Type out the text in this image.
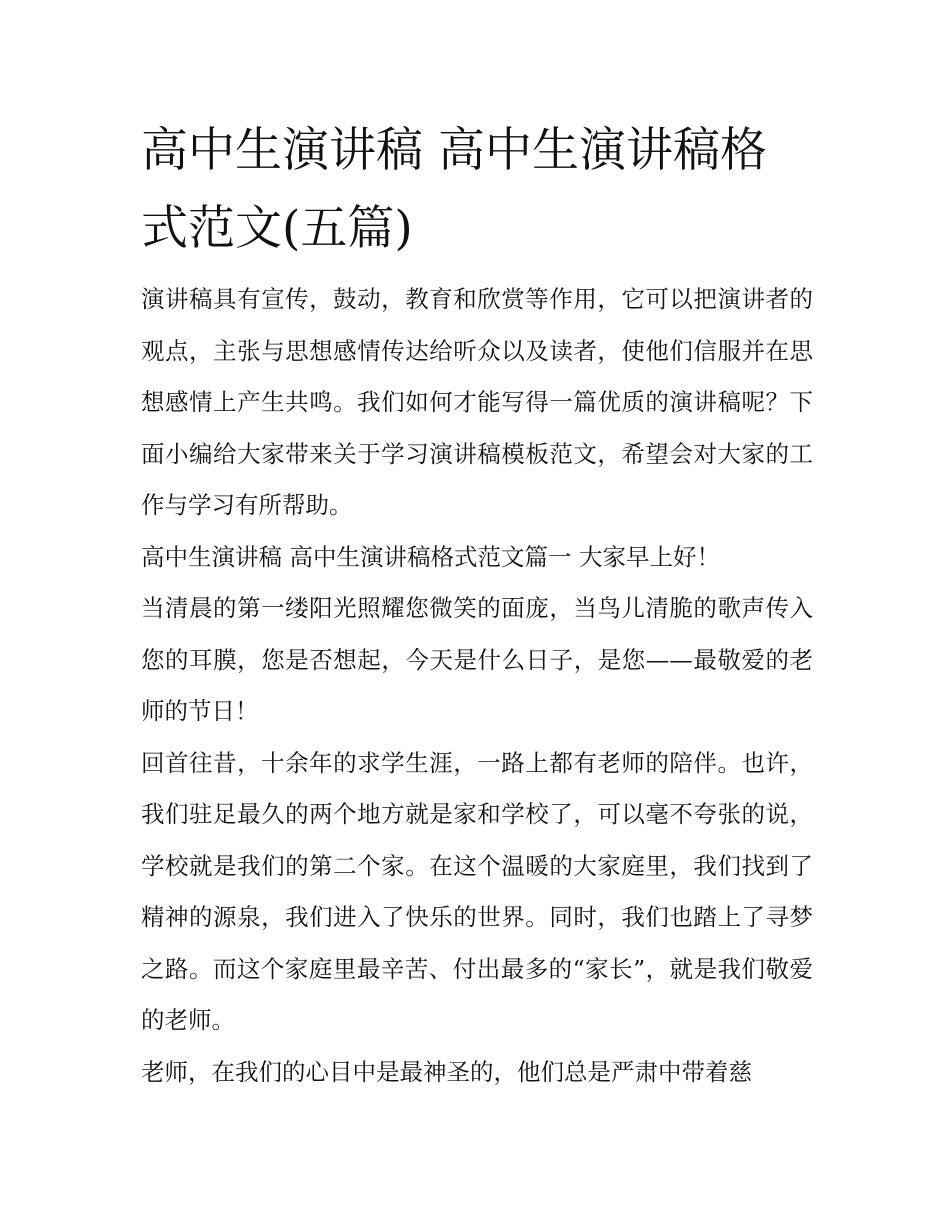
高中生演讲稿 高中生演讲稿格式范文(五篇)

演讲稿具有宣传，鼓动，教育和欣赏等作用，它可以把演讲者的观点，主张与思想感情传达给听众以及读者，使他们信服并在思想感情上产生共鸣。我们如何才能写得一篇优质的演讲稿呢？下面小编给大家带来关于学习演讲稿模板范文，希望会对大家的工作与学习有所帮助。

高中生演讲稿 高中生演讲稿格式范文篇一 大家早上好！

当清晨的第一缕阳光照耀您微笑的面庞，当鸟儿清脆的歌声传入您的耳膜，您是否想起，今天是什么日子，是您——最敬爱的老师的节日！

回首往昔，十余年的求学生涯，一路上都有老师的陪伴。也许，我们驻足最久的两个地方就是家和学校了，可以毫不夸张的说，学校就是我们的第二个家。在这个温暖的大家庭里，我们找到了精神的源泉，我们进入了快乐的世界。同时，我们也踏上了寻梦之路。而这个家庭里最辛苦、付出最多的“家长”，就是我们敬爱的老师。

老师，在我们的心目中是最神圣的，他们总是严肃中带着慈
